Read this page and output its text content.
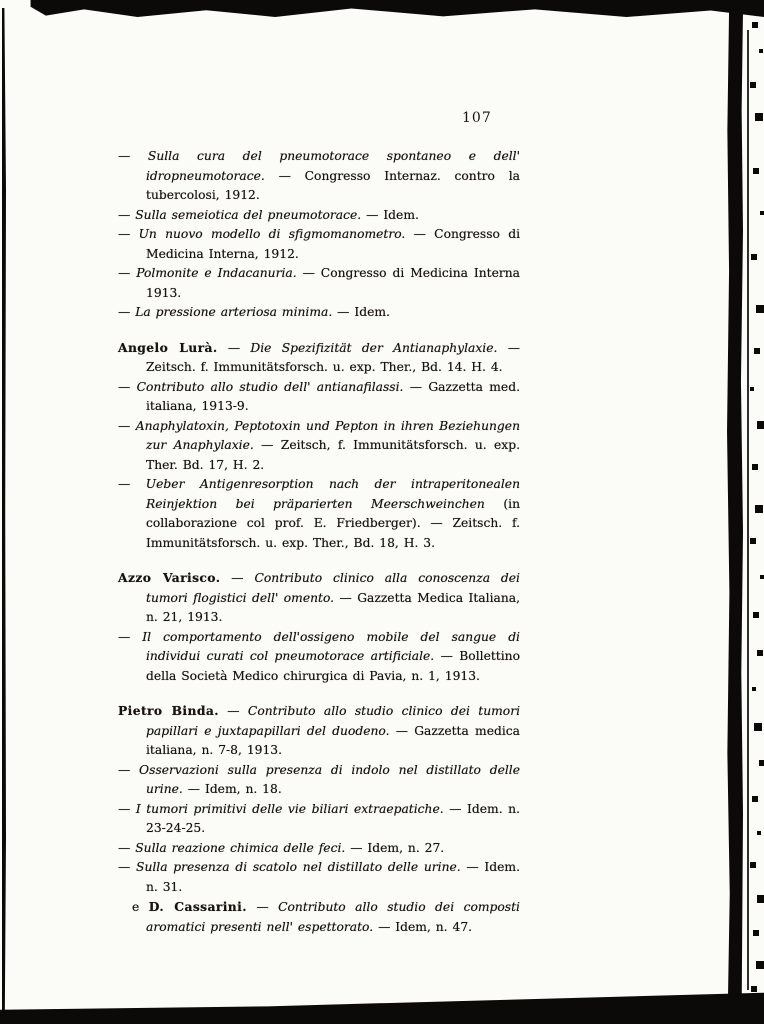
107

— Sulla cura del pneumotorace spontaneo e dell' idropneumotorace. — Congresso Internaz. contro la tubercolosi, 1912.

— Sulla semeiotica del pneumotorace. — Idem.

— Un nuovo modello di sfigmomanometro. — Congresso di Medicina Interna, 1912.

— Polmonite e Indacanuria. — Congresso di Medicina Interna 1913.

— La pressione arteriosa minima. — Idem.

Angelo Lurà. — Die Spezifizität der Antianaphylaxie. — Zeitsch. f. Immunitätsforsch. u. exp. Ther., Bd. 14. H. 4.

— Contributo allo studio dell' antianafilassi. — Gazzetta med. italiana, 1913-9.

— Anaphylatoxin, Peptotoxin und Pepton in ihren Beziehungen zur Anaphylaxie. — Zeitsch, f. Immunitätsforsch. u. exp. Ther. Bd. 17, H. 2.

— Ueber Antigenresorption nach der intraperitonealen Reinjektion bei präparierten Meerschweinchen (in collaborazione col prof. E. Friedberger). — Zeitsch. f. Immunitätsforsch. u. exp. Ther., Bd. 18, H. 3.

Azzo Varisco. — Contributo clinico alla conoscenza dei tumori flogistici dell' omento. — Gazzetta Medica Italiana, n. 21, 1913.

— Il comportamento dell'ossigeno mobile del sangue di individui curati col pneumotorace artificiale. — Bollettino della Società Medico chirurgica di Pavia, n. 1, 1913.

Pietro Binda. — Contributo allo studio clinico dei tumori papillari e juxtapapillari del duodeno. — Gazzetta medica italiana, n. 7-8, 1913.

— Osservazioni sulla presenza di indolo nel distillato delle urine. — Idem, n. 18.

— I tumori primitivi delle vie biliari extraepatiche. — Idem. n. 23-24-25.

— Sulla reazione chimica delle feci. — Idem, n. 27.

— Sulla presenza di scatolo nel distillato delle urine. — Idem. n. 31.

e D. Cassarini. — Contributo allo studio dei composti aromatici presenti nell' espettorato. — Idem, n. 47.
